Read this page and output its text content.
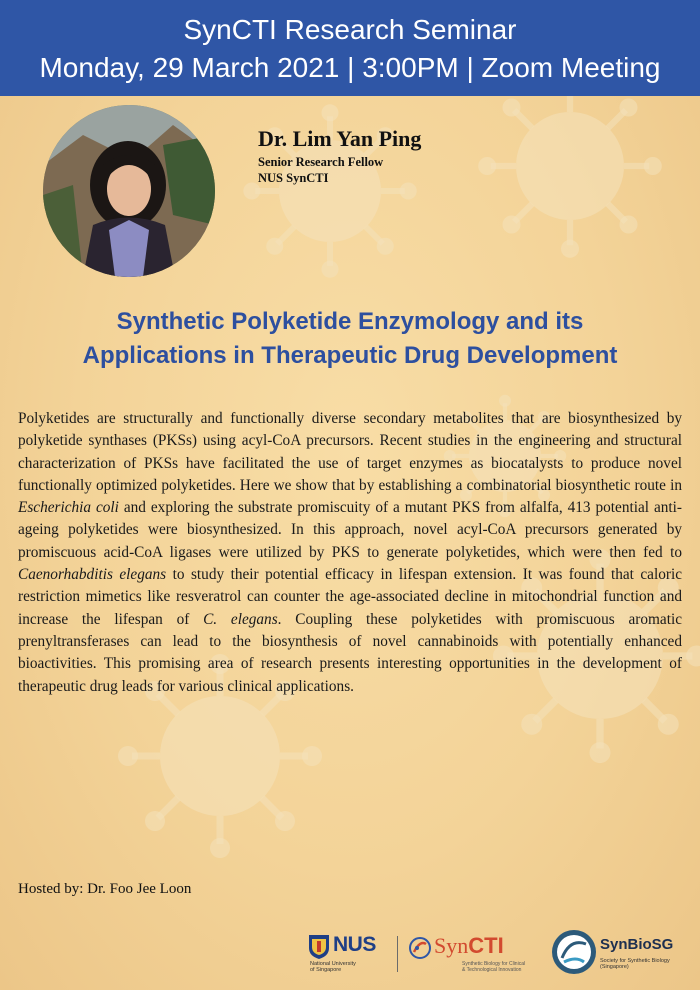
SynCTI Research Seminar
Monday, 29 March 2021 | 3:00PM | Zoom Meeting
Dr. Lim Yan Ping
Senior Research Fellow
NUS SynCTI
Synthetic Polyketide Enzymology and its
Applications in Therapeutic Drug Development
Polyketides are structurally and functionally diverse secondary metabolites that are biosynthesized by polyketide synthases (PKSs) using acyl-CoA precursors. Recent studies in the engineering and structural characterization of PKSs have facilitated the use of target enzymes as biocatalysts to produce novel functionally optimized polyketides. Here we show that by establishing a combinatorial biosynthetic route in Escherichia coli and exploring the substrate promiscuity of a mutant PKS from alfalfa, 413 potential anti-ageing polyketides were biosynthesized. In this approach, novel acyl-CoA precursors generated by promiscuous acid-CoA ligases were utilized by PKS to generate polyketides, which were then fed to Caenorhabditis elegans to study their potential efficacy in lifespan extension. It was found that caloric restriction mimetics like resveratrol can counter the age-associated decline in mitochondrial function and increase the lifespan of C. elegans. Coupling these polyketides with promiscuous aromatic prenyltransferases can lead to the biosynthesis of novel cannabinoids with potentially enhanced bioactivities. This promising area of research presents interesting opportunities in the development of therapeutic drug leads for various clinical applications.
Hosted by: Dr. Foo Jee Loon
NUS
National University
of Singapore
SynCTI
Synthetic Biology for Clinical
& Technological Innovation
SynBioSG
Society for Synthetic Biology (Singapore)
